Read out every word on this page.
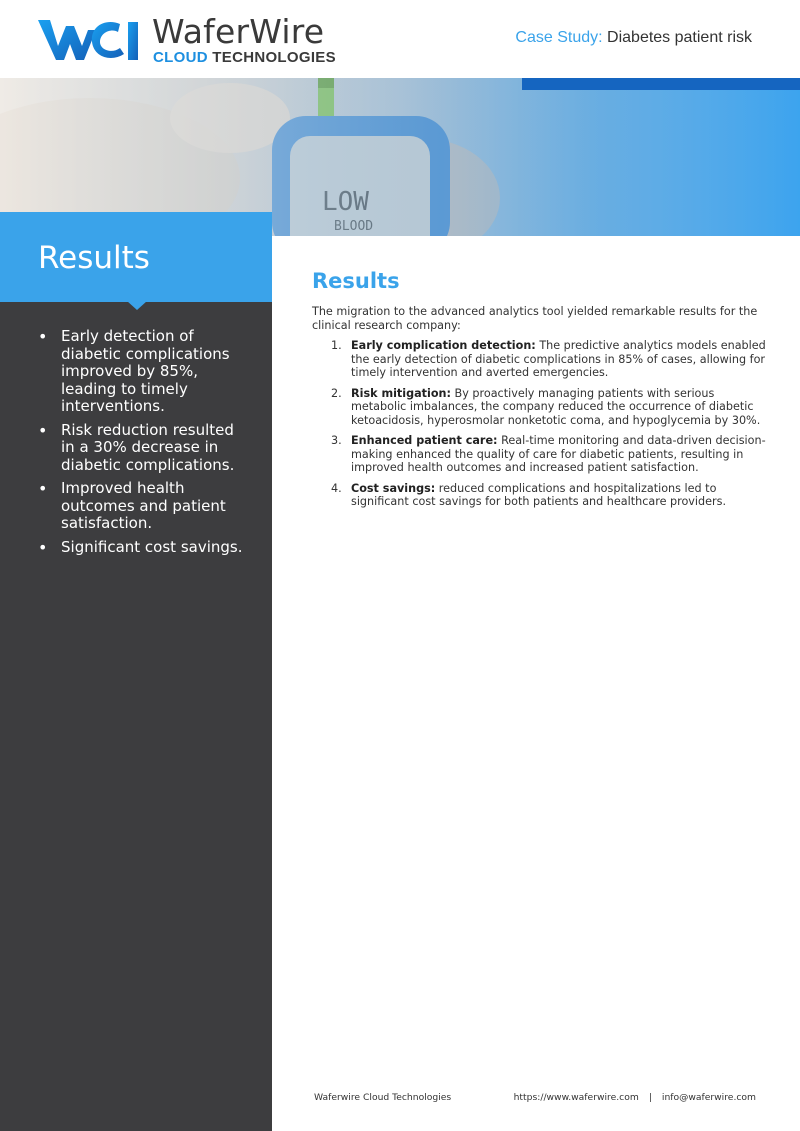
WaferWire
CLOUD TECHNOLOGIES
Case Study: Diabetes patient risk
Results
• Early detection of diabetic complications improved by 85%, leading to timely interventions.
• Risk reduction resulted in a 30% decrease in diabetic complications.
• Improved health outcomes and patient satisfaction.
• Significant cost savings.
Results

The migration to the advanced analytics tool yielded remarkable results for the clinical research company:

1. Early complication detection: The predictive analytics models enabled the early detection of diabetic complications in 85% of cases, allowing for timely intervention and averted emergencies.
2. Risk mitigation: By proactively managing patients with serious metabolic imbalances, the company reduced the occurrence of diabetic ketoacidosis, hyperosmolar nonketotic coma, and hypoglycemia by 30%.
3. Enhanced patient care: Real-time monitoring and data-driven decision-making enhanced the quality of care for diabetic patients, resulting in improved health outcomes and increased patient satisfaction.
4. Cost savings: reduced complications and hospitalizations led to significant cost savings for both patients and healthcare providers.
Waferwire Cloud Technologies	https://www.waferwire.com | info@waferwire.com
